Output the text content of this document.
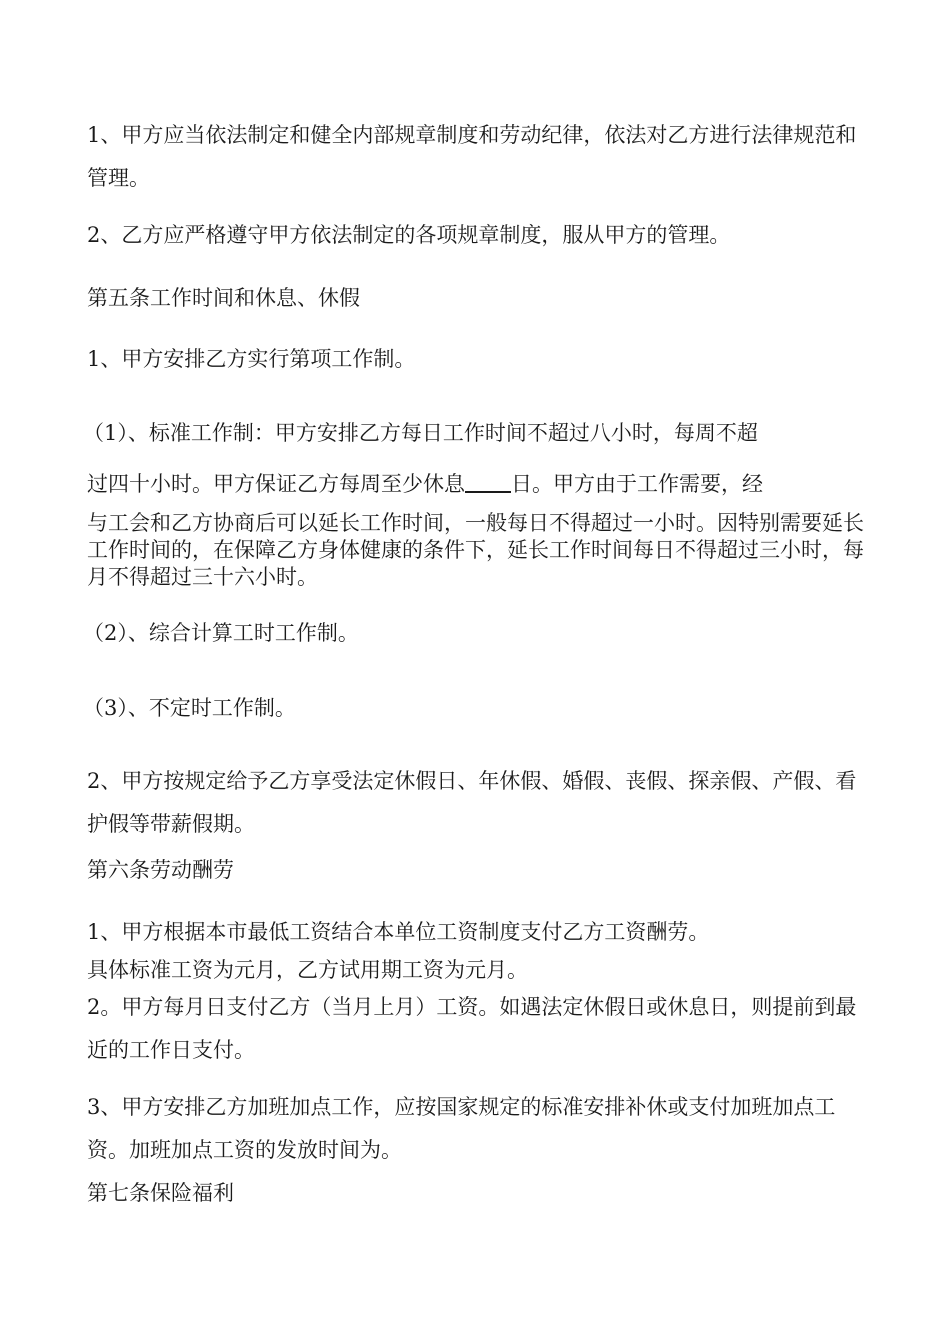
1、甲方应当依法制定和健全内部规章制度和劳动纪律，依法对乙方进行法律规范和管理。

2、乙方应严格遵守甲方依法制定的各项规章制度，服从甲方的管理。

第五条工作时间和休息、休假

1、甲方安排乙方实行第项工作制。

（1）、标准工作制：甲方安排乙方每日工作时间不超过八小时，每周不超

过四十小时。甲方保证乙方每周至少休息 日。甲方由于工作需要，经

与工会和乙方协商后可以延长工作时间，一般每日不得超过一小时。因特别需要延长工作时间的，在保障乙方身体健康的条件下，延长工作时间每日不得超过三小时，每月不得超过三十六小时。

（2）、综合计算工时工作制。

（3）、不定时工作制。

2、甲方按规定给予乙方享受法定休假日、年休假、婚假、丧假、探亲假、产假、看护假等带薪假期。

第六条劳动酬劳

1、甲方根据本市最低工资结合本单位工资制度支付乙方工资酬劳。

具体标准工资为元月，乙方试用期工资为元月。

2。甲方每月日支付乙方（当月上月）工资。如遇法定休假日或休息日，则提前到最近的工作日支付。

3、甲方安排乙方加班加点工作，应按国家规定的标准安排补休或支付加班加点工资。加班加点工资的发放时间为。

第七条保险福利
